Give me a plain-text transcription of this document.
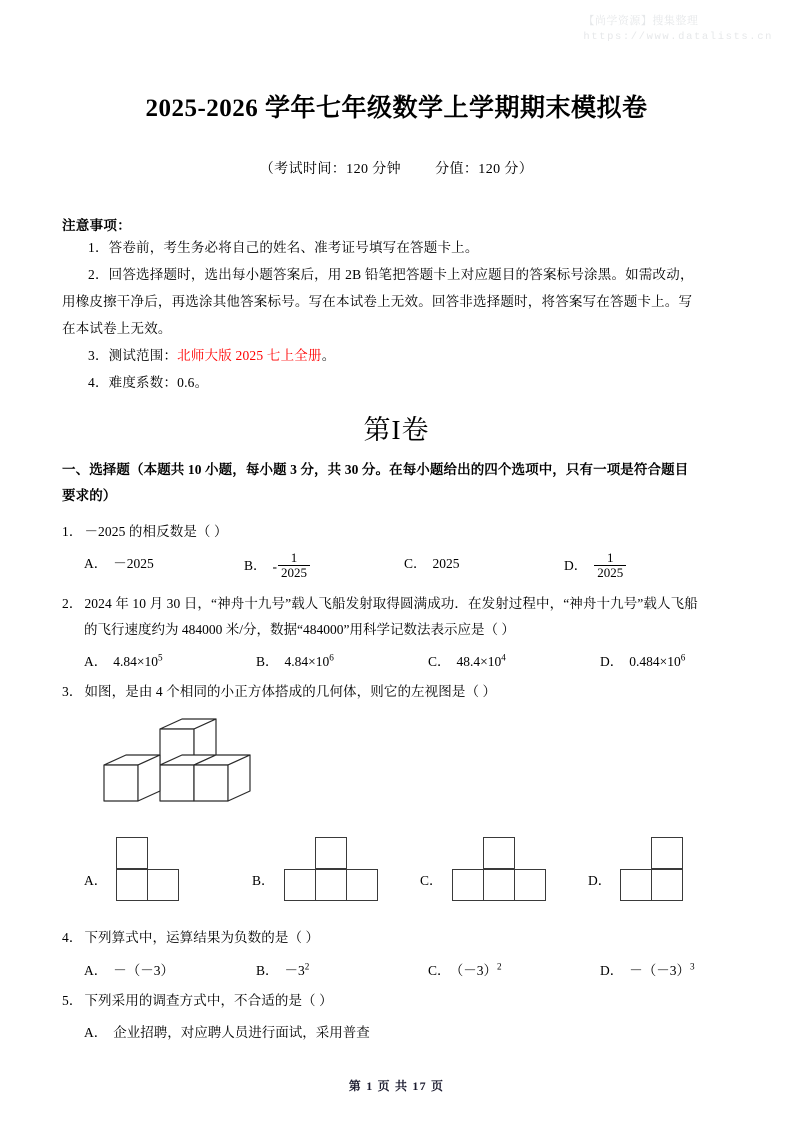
【尚学资源】搜集整理
https://www.datalists.cn
2025-2026 学年七年级数学上学期期末模拟卷
（考试时间：120 分钟 分值：120 分）
注意事项：
1．答卷前，考生务必将自己的姓名、准考证号填写在答题卡上。
2．回答选择题时，选出每小题答案后，用 2B 铅笔把答题卡上对应题目的答案标号涂黑。如需改动，
用橡皮擦干净后，再选涂其他答案标号。写在本试卷上无效。回答非选择题时，将答案写在答题卡上。写
在本试卷上无效。
3．测试范围：北师大版 2025 七上全册。
4．难度系数：0.6。
第I卷
一、选择题（本题共 10 小题，每小题 3 分，共 30 分。在每小题给出的四个选项中，只有一项是符合题目
要求的）
1． －2025 的相反数是（ ）
A． －2025	B． - $\frac{1}{2025}$	C． 2025	D． $\frac{1}{2025}$
2． 2024 年 10 月 30 日，“神舟十九号”载人飞船发射取得圆满成功．在发射过程中，“神舟十九号”载人飞船
的飞行速度约为 484000 米/分，数据“484000”用科学记数法表示应是（ ）
A． $4.84\times 10^5$	B． $4.84\times 10^6$	C． $48.4\times 10^4$	D． $0.484\times 10^6$
3． 如图，是由 4 个相同的小正方体搭成的几何体，则它的左视图是（ ）
A．	B．	C．	D．
4． 下列算式中，运算结果为负数的是（ ）
A． －（－3）	B． $-3^2$	C． $(-3)^2$	D． $-(-3)^3$
5． 下列采用的调查方式中，不合适的是（ ）
A． 企业招聘，对应聘人员进行面试，采用普查
第 1 页 共 17 页
